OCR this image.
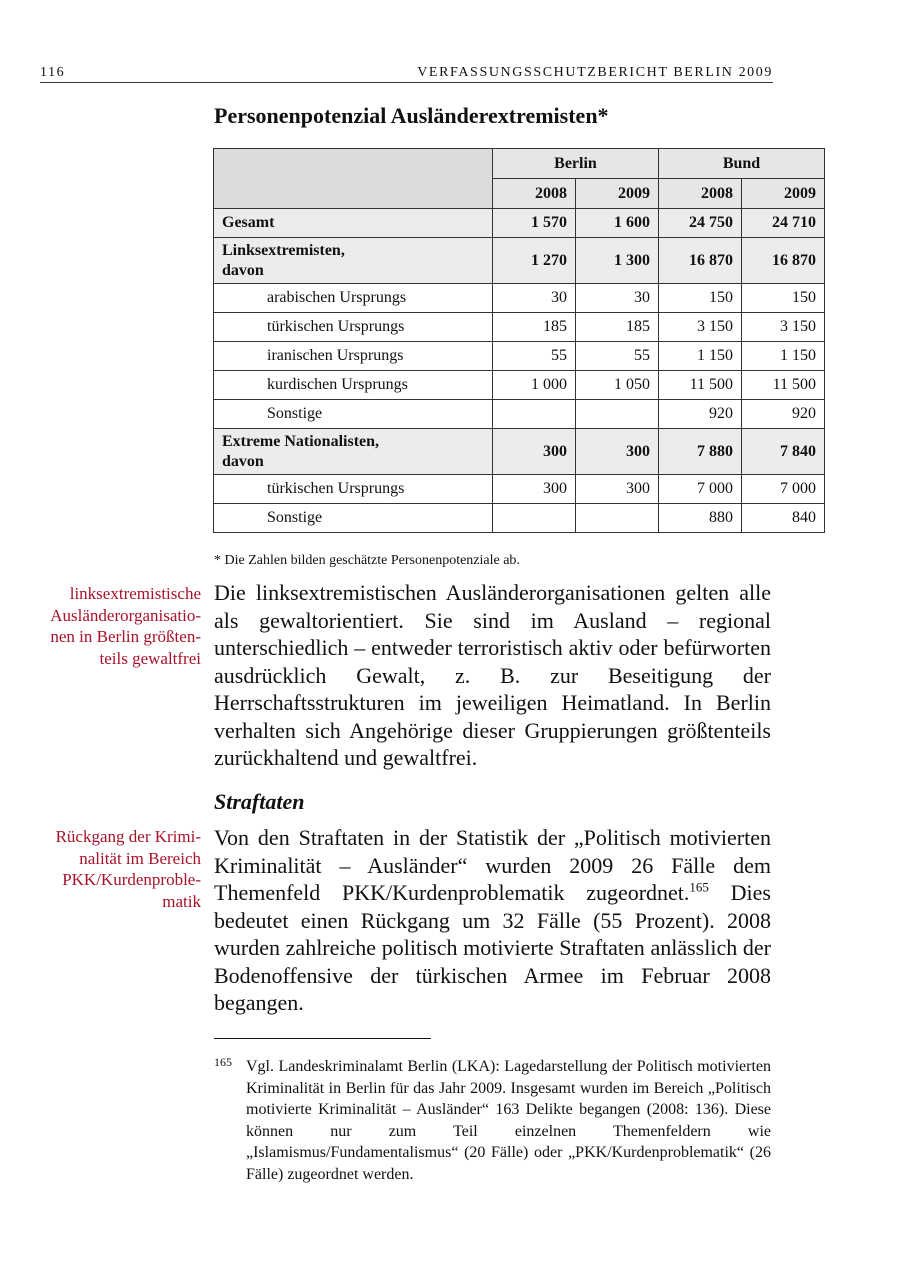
116	VERFASSUNGSSCHUTZBERICHT BERLIN 2009
Personenpotenzial Ausländerextremisten*
	Berlin		Bund	
	2008	2009	2008	2009
Gesamt	1 570	1 600	24 750	24 710
Linksextremisten,
davon	1 270	1 300	16 870	16 870
arabischen Ursprungs	30	30	150	150
türkischen Ursprungs	185	185	3 150	3 150
iranischen Ursprungs	55	55	1 150	1 150
kurdischen Ursprungs	1 000	1 050	11 500	11 500
Sonstige			920	920
Extreme Nationalisten,
davon	300	300	7 880	7 840
türkischen Ursprungs	300	300	7 000	7 000
Sonstige			880	840
* Die Zahlen bilden geschätzte Personenpotenziale ab.
linksextremistische
Ausländerorganisatio-
nen in Berlin größten-
teils gewaltfrei

Die linksextremistischen Ausländerorganisationen gelten alle als gewaltorientiert. Sie sind im Ausland – regional unterschiedlich – entweder terroristisch aktiv oder befürworten ausdrücklich Gewalt, z. B. zur Beseitigung der Herrschaftsstrukturen im jeweiligen Heimatland. In Berlin verhalten sich Angehörige dieser Gruppierungen größtenteils zurückhaltend und gewaltfrei.

Straftaten
Rückgang der Krimi-
nalität im Bereich
PKK/Kurdenproble-
matik

Von den Straftaten in der Statistik der „Politisch motivierten Kriminalität – Ausländer“ wurden 2009 26 Fälle dem Themenfeld PKK/Kurdenproblematik zugeordnet.$^{165}$ Dies bedeutet einen Rückgang um 32 Fälle (55 Prozent). 2008 wurden zahlreiche politisch motivierte Straftaten anlässlich der Bodenoffensive der türkischen Armee im Februar 2008 begangen.

165 Vgl. Landeskriminalamt Berlin (LKA): Lagedarstellung der Politisch motivierten Kriminalität in Berlin für das Jahr 2009. Insgesamt wurden im Bereich „Politisch motivierte Kriminalität – Ausländer“ 163 Delikte begangen (2008: 136). Diese können nur zum Teil einzelnen Themenfeldern wie „Islamismus/Fundamentalismus“ (20 Fälle) oder „PKK/Kurdenproblematik“ (26 Fälle) zugeordnet werden.
